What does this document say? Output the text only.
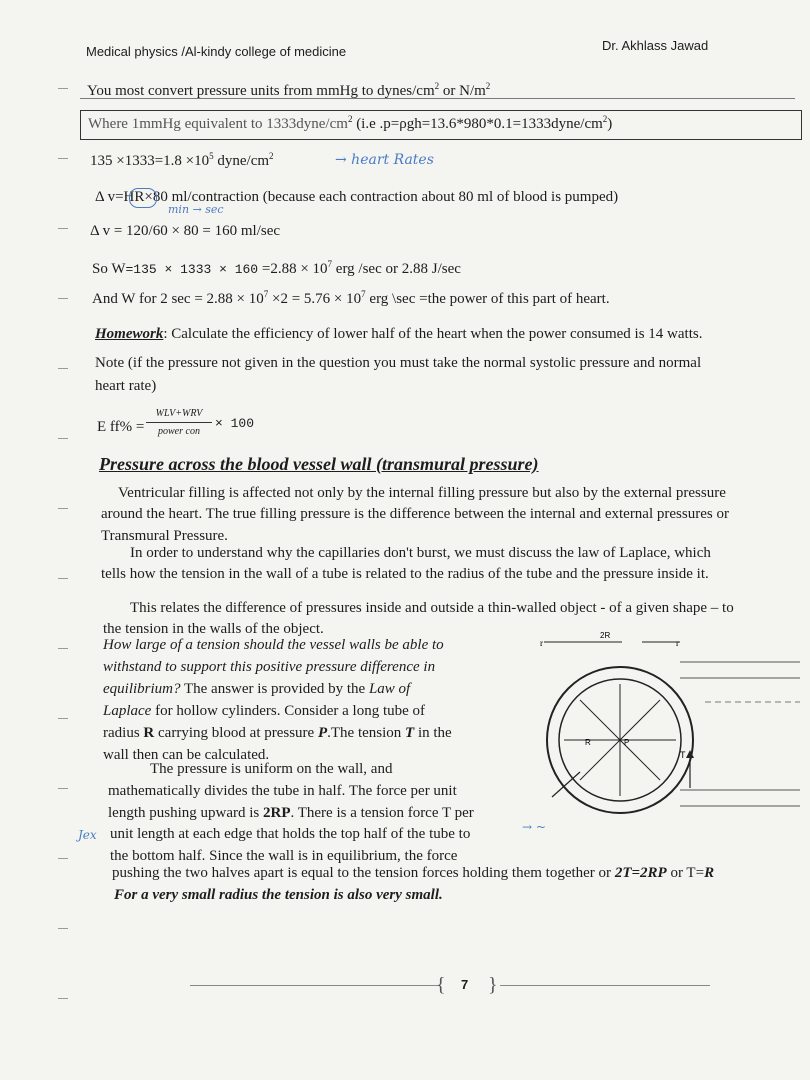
Medical physics /Al-kindy college of medicine	Dr. Akhlass Jawad
You most convert pressure units from mmHg to dynes/$cm^2$ or $N/m^2$
Where 1mmHg equivalent to $1333dyne/cm^2$ (i.e $.p=\rho gh=13.6*980*0.1=1333dyne/cm^2$)
$135 \times 1333=1.8 \times 10^5$ dyne/$cm^2$	→ heart Rates
Δ v=HR×80 ml/contraction (because each contraction about 80 ml of blood is pumped)
min → sec
Δ v = 120/60 × 80 = 160 ml/sec
So $W=135 \times 1333 \times 160 =2.88 \times 10^7$ erg /sec or 2.88 J/sec
And W for 2 $\sec = 2.88 \times 10^7 \times 2 = 5.76 \times 10^7$ erg \sec =the power of this part of heart.
Homework: Calculate the efficiency of lower half of the heart when the power consumed is 14 watts.
Note (if the pressure not given in the question you must take the normal systolic pressure and normal
heart rate)
E ff% =
WLV+WRV
power con
× 100
Pressure across the blood vessel wall (transmural pressure)
Ventricular filling is affected not only by the internal filling pressure but also by the external pressure
around the heart. The true filling pressure is the difference between the internal and external pressures or
Transmural Pressure.
In order to understand why the capillaries don't burst, we must discuss the law of Laplace, which
tells how the tension in the wall of a tube is related to the radius of the tube and the pressure inside it.
This relates the difference of pressures inside and outside a thin-walled object - of a given shape – to
the tension in the walls of the object.
How large of a tension should the vessel walls be able to
withstand to support this positive pressure difference in
equilibrium? The answer is provided by the Law of
Laplace for hollow cylinders. Consider a long tube of
radius R carrying blood at pressure P.The tension T in the
wall then can be calculated.
The pressure is uniform on the wall, and
mathematically divides the tube in half. The force per unit
length pushing upward is 2RP. There is a tension force T per
unit length at each edge that holds the top half of the tube to
the bottom half. Since the wall is in equilibrium, the force
pushing the two halves apart is equal to the tension forces holding them together or 2T=2RP or T=R
For a very small radius the tension is also very small.
Jex
→ ~
2R
r	r
R	P
T
{ }
7
